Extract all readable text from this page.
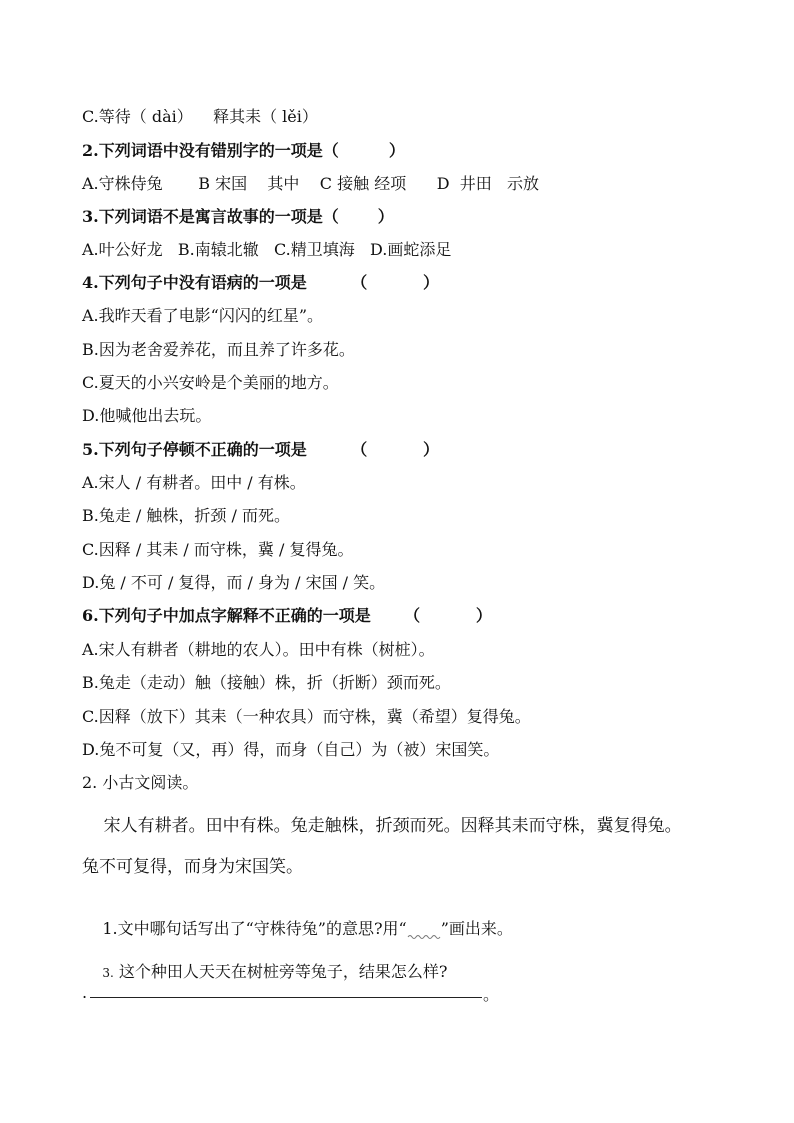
C.等待（ dài）    释其耒（ lěi）
2.下列词语中没有错别字的一项是（         ）
A.守株侍兔       B 宋国    其中    C 接触 经项      D  井田   示放
3.下列词语不是寓言故事的一项是（       ）
A.叶公好龙   B.南辕北辙   C.精卫填海   D.画蛇添足
4.下列句子中没有语病的一项是        （          ）
A.我昨天看了电影“闪闪的红星”。
B.因为老舍爱养花，而且养了许多花。
C.夏天的小兴安岭是个美丽的地方。
D.他喊他出去玩。
5.下列句子停顿不正确的一项是        （          ）
A.宋人 / 有耕者。田中 / 有株。
B.兔走 / 触株，折颈 / 而死。
C.因释 / 其耒 / 而守株，冀 / 复得兔。
D.兔 / 不可 / 复得，而 / 身为 / 宋国 / 笑。
6.下列句子中加点字解释不正确的一项是      （          ）
A.宋人有耕者（耕地的农人）。田中有株（树桩）。
B.兔走（走动）触（接触）株，折（折断）颈而死。
C.因释（放下）其耒（一种农具）而守株，冀（希望）复得兔。
D.兔不可复（又，再）得，而身（自己）为（被）宋国笑。
2. 小古文阅读。
宋人有耕者。田中有株。兔走触株，折颈而死。因释其耒而守株，冀复得兔。
兔不可复得，而身为宋国笑。

1.文中哪句话写出了“守株待兔”的意思?用“ ”画出来。

3. 这个种田人天天在树桩旁等兔子，结果怎么样?

.	。
